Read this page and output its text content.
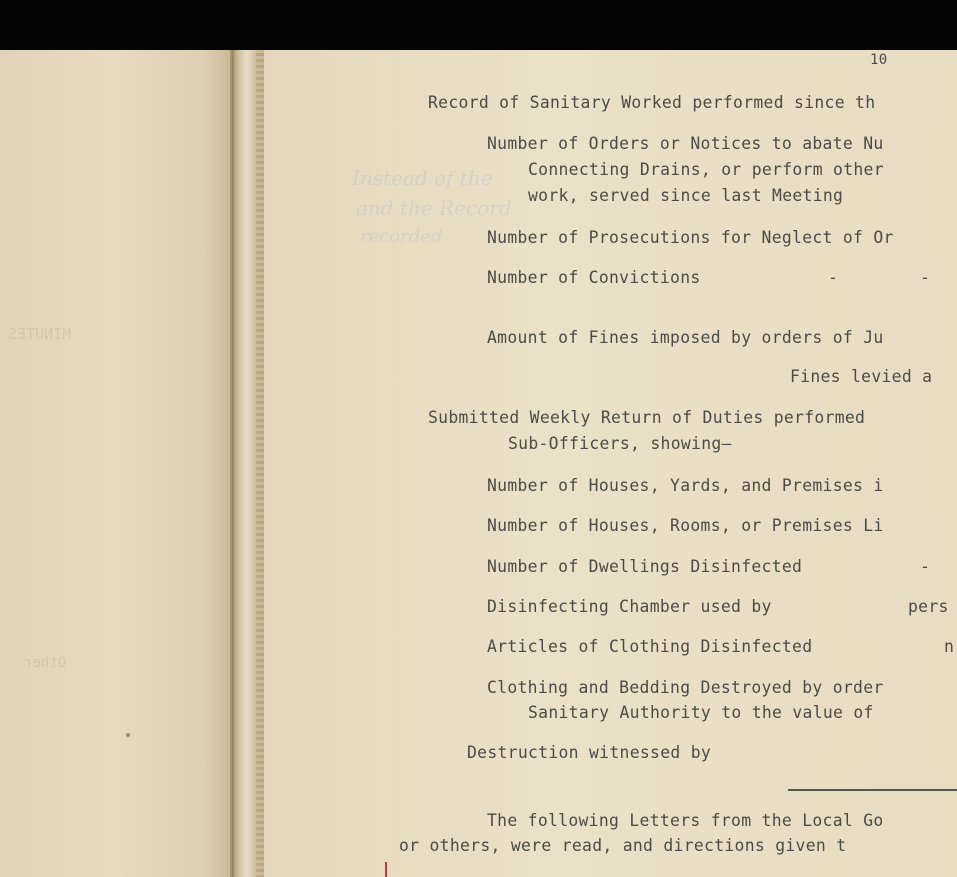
MINUTES
Other
Instead of the
and the Record
recorded
10
Record of Sanitary Worked performed since th
Number of Orders or Notices to abate Nu
Connecting Drains, or perform other
work, served since last Meeting
Number of Prosecutions for Neglect of Or
Number of Convictions	-	-
Amount of Fines imposed by orders of Ju
Fines levied a
Submitted Weekly Return of Duties performed
Sub-Officers, showing—
Number of Houses, Yards, and Premises i
Number of Houses, Rooms, or Premises Li
Number of Dwellings Disinfected	-
Disinfecting Chamber used by	pers
Articles of Clothing Disinfected	n
Clothing and Bedding Destroyed by order
Sanitary Authority to the value of
Destruction witnessed by
The following Letters from the Local Go
or others, were read, and directions given t
